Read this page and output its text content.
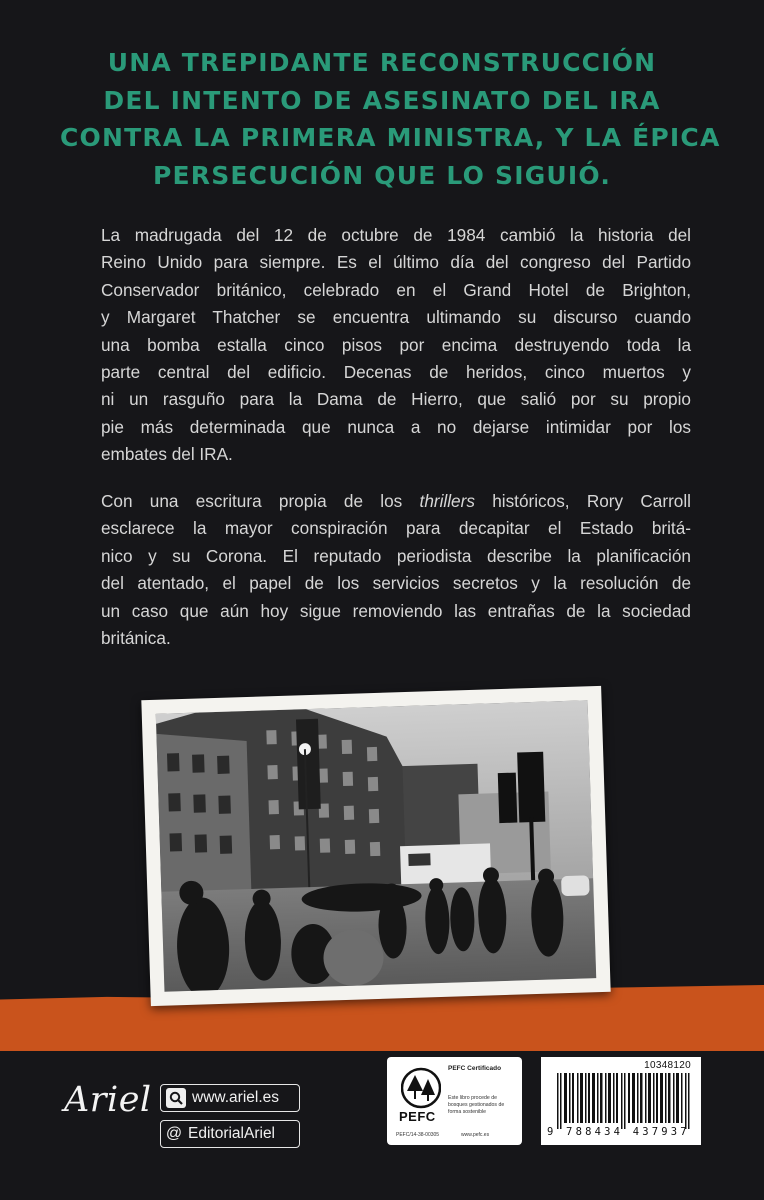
UNA TREPIDANTE RECONSTRUCCIÓN
DEL INTENTO DE ASESINATO DEL IRA
CONTRA LA PRIMERA MINISTRA, Y LA ÉPICA
PERSECUCIÓN QUE LO SIGUIÓ.
La madrugada del 12 de octubre de 1984 cambió la historia del
Reino Unido para siempre. Es el último día del congreso del Partido
Conservador británico, celebrado en el Grand Hotel de Brighton,
y Margaret Thatcher se encuentra ultimando su discurso cuando
una bomba estalla cinco pisos por encima destruyendo toda la
parte central del edificio. Decenas de heridos, cinco muertos y
ni un rasguño para la Dama de Hierro, que salió por su propio
pie más determinada que nunca a no dejarse intimidar por los
embates del IRA.
Con una escritura propia de los thrillers históricos, Rory Carroll
esclarece la mayor conspiración para decapitar el Estado britá-
nico y su Corona. El reputado periodista describe la planificación
del atentado, el papel de los servicios secretos y la resolución de
un caso que aún hoy sigue removiendo las entrañas de la sociedad
británica.
Ariel	www.ariel.es
@ EditorialAriel
PEFC Certificado
Este libro procede de bosques gestionados de forma sostenible
PEFC
PEFC/14-38-00305	www.pefc.es
10348120
9 788434 437937
